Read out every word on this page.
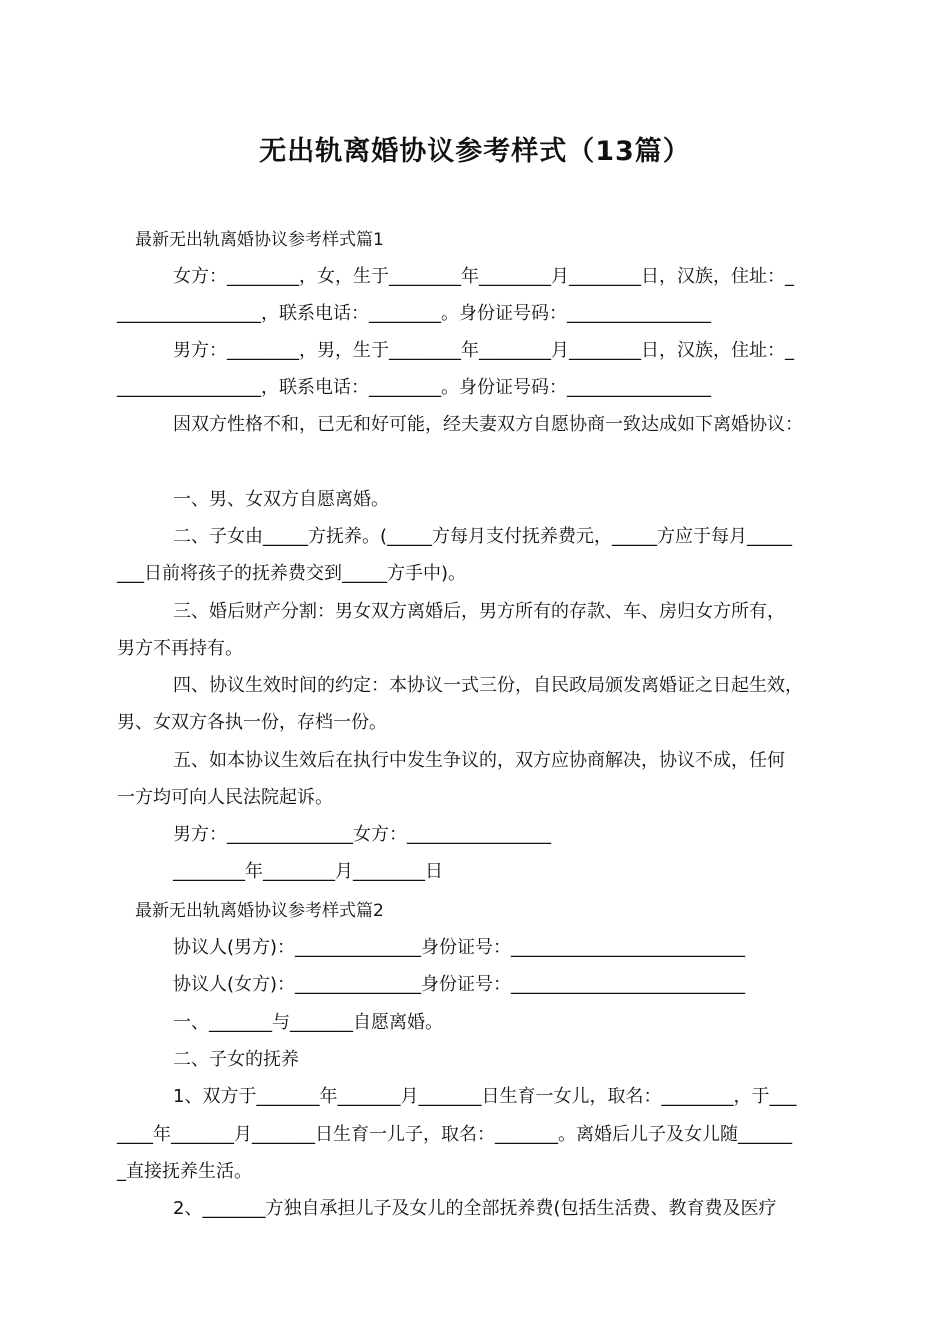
无出轨离婚协议参考样式（13篇）
最新无出轨离婚协议参考样式篇1
女方：________，女，生于________年________月________日，汉族，住址：_
________________，联系电话：________。身份证号码：________________
男方：________，男，生于________年________月________日，汉族，住址：_
________________，联系电话：________。身份证号码：________________
因双方性格不和，已无和好可能，经夫妻双方自愿协商一致达成如下离婚协议：
一、男、女双方自愿离婚。
二、子女由_____方抚养。(_____方每月支付抚养费元，_____方应于每月_____
___日前将孩子的抚养费交到_____方手中)。
三、婚后财产分割：男女双方离婚后，男方所有的存款、车、房归女方所有，
男方不再持有。
四、协议生效时间的约定：本协议一式三份，自民政局颁发离婚证之日起生效，
男、女双方各执一份，存档一份。
五、如本协议生效后在执行中发生争议的，双方应协商解决，协议不成，任何
一方均可向人民法院起诉。
男方：______________女方：________________
________年________月________日
最新无出轨离婚协议参考样式篇2
协议人(男方)：______________身份证号：__________________________
协议人(女方)：______________身份证号：__________________________
一、_______与_______自愿离婚。
二、子女的抚养
1、双方于_______年_______月_______日生育一女儿，取名：________，于___
____年_______月_______日生育一儿子，取名：_______。离婚后儿子及女儿随______
_直接抚养生活。
2、_______方独自承担儿子及女儿的全部抚养费(包括生活费、教育费及医疗
